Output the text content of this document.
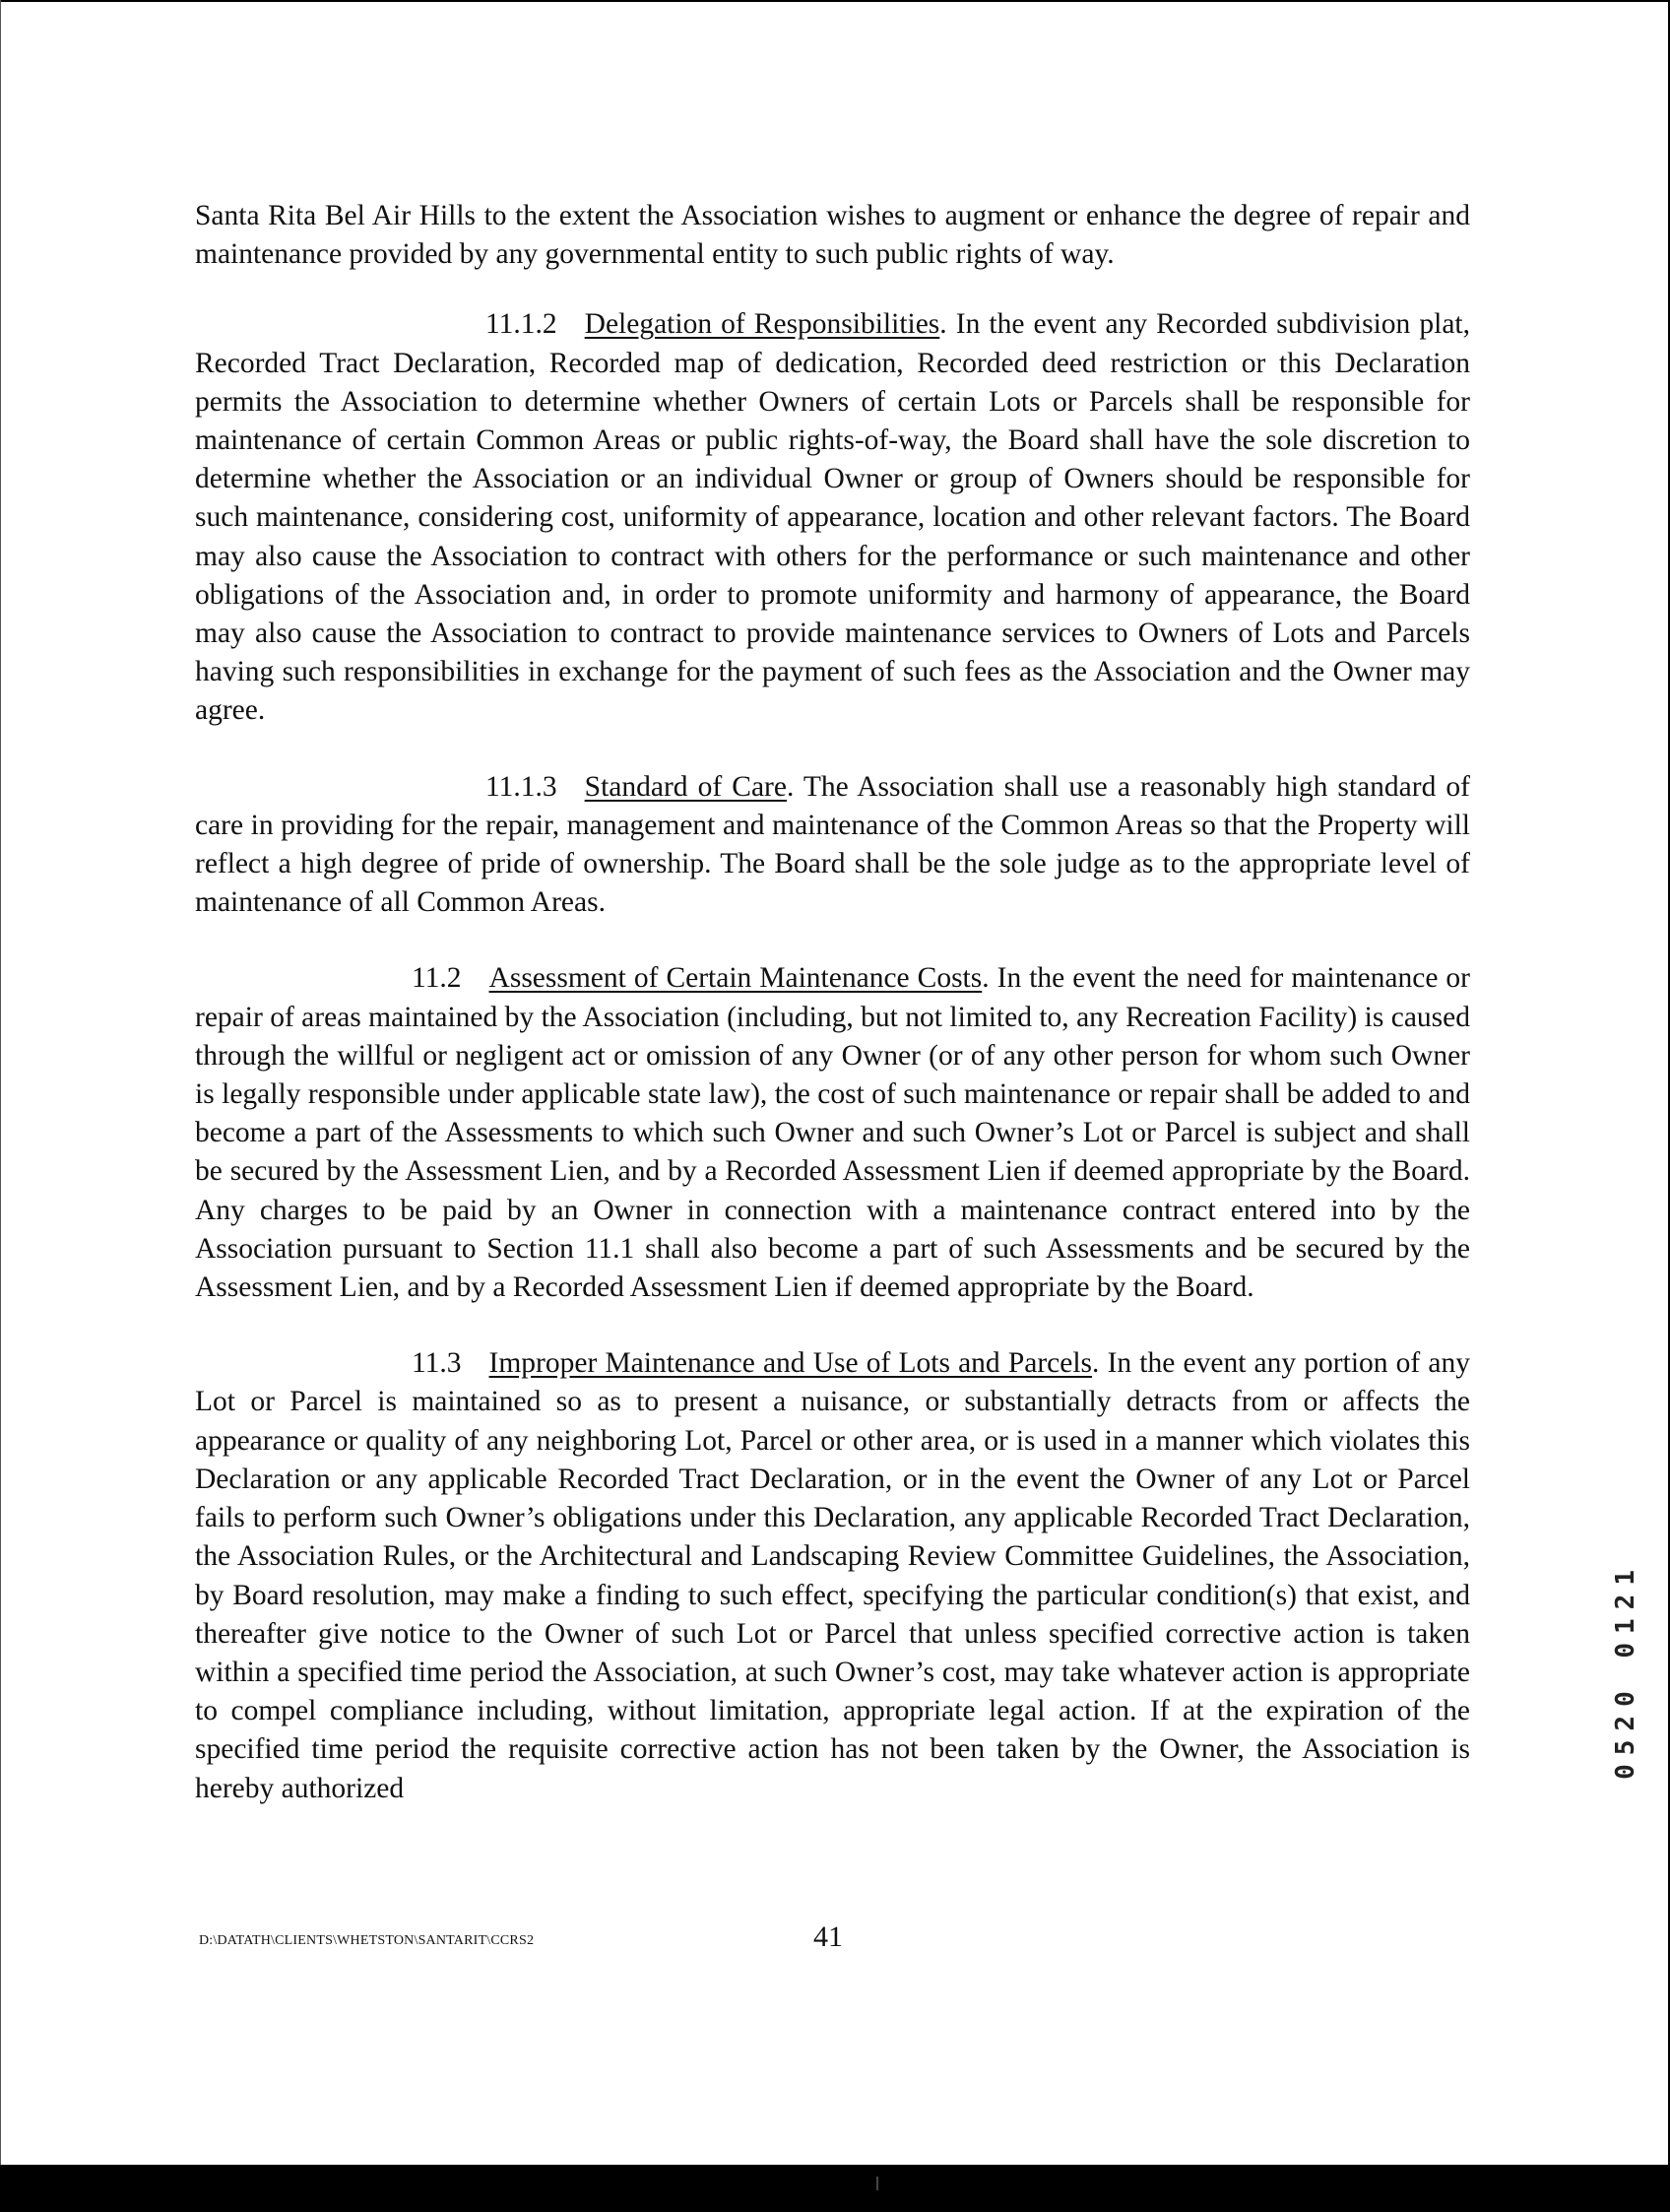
Santa Rita Bel Air Hills to the extent the Association wishes to augment or enhance the degree of repair and maintenance provided by any governmental entity to such public rights of way.

11.1.2 Delegation of Responsibilities. In the event any Recorded subdivision plat, Recorded Tract Declaration, Recorded map of dedication, Recorded deed restriction or this Declaration permits the Association to determine whether Owners of certain Lots or Parcels shall be responsible for maintenance of certain Common Areas or public rights-of-way, the Board shall have the sole discretion to determine whether the Association or an individual Owner or group of Owners should be responsible for such maintenance, considering cost, uniformity of appearance, location and other relevant factors. The Board may also cause the Association to contract with others for the performance or such maintenance and other obligations of the Association and, in order to promote uniformity and harmony of appearance, the Board may also cause the Association to contract to provide maintenance services to Owners of Lots and Parcels having such responsibilities in exchange for the payment of such fees as the Association and the Owner may agree.

11.1.3 Standard of Care. The Association shall use a reasonably high standard of care in providing for the repair, management and maintenance of the Common Areas so that the Property will reflect a high degree of pride of ownership. The Board shall be the sole judge as to the appropriate level of maintenance of all Common Areas.

11.2 Assessment of Certain Maintenance Costs. In the event the need for maintenance or repair of areas maintained by the Association (including, but not limited to, any Recreation Facility) is caused through the willful or negligent act or omission of any Owner (or of any other person for whom such Owner is legally responsible under applicable state law), the cost of such maintenance or repair shall be added to and become a part of the Assessments to which such Owner and such Owner’s Lot or Parcel is subject and shall be secured by the Assessment Lien, and by a Recorded Assessment Lien if deemed appropriate by the Board. Any charges to be paid by an Owner in connection with a maintenance contract entered into by the Association pursuant to Section 11.1 shall also become a part of such Assessments and be secured by the Assessment Lien, and by a Recorded Assessment Lien if deemed appropriate by the Board.

11.3 Improper Maintenance and Use of Lots and Parcels. In the event any portion of any Lot or Parcel is maintained so as to present a nuisance, or substantially detracts from or affects the appearance or quality of any neighboring Lot, Parcel or other area, or is used in a manner which violates this Declaration or any applicable Recorded Tract Declaration, or in the event the Owner of any Lot or Parcel fails to perform such Owner’s obligations under this Declaration, any applicable Recorded Tract Declaration, the Association Rules, or the Architectural and Landscaping Review Committee Guidelines, the Association, by Board resolution, may make a finding to such effect, specifying the particular condition(s) that exist, and thereafter give notice to the Owner of such Lot or Parcel that unless specified corrective action is taken within a specified time period the Association, at such Owner’s cost, may take whatever action is appropriate to compel compliance including, without limitation, appropriate legal action. If at the expiration of the specified time period the requisite corrective action has not been taken by the Owner, the Association is hereby authorized

D:\DATATH\CLIENTS\WHETSTON\SANTARIT\CCRS2	41
0520 0121
